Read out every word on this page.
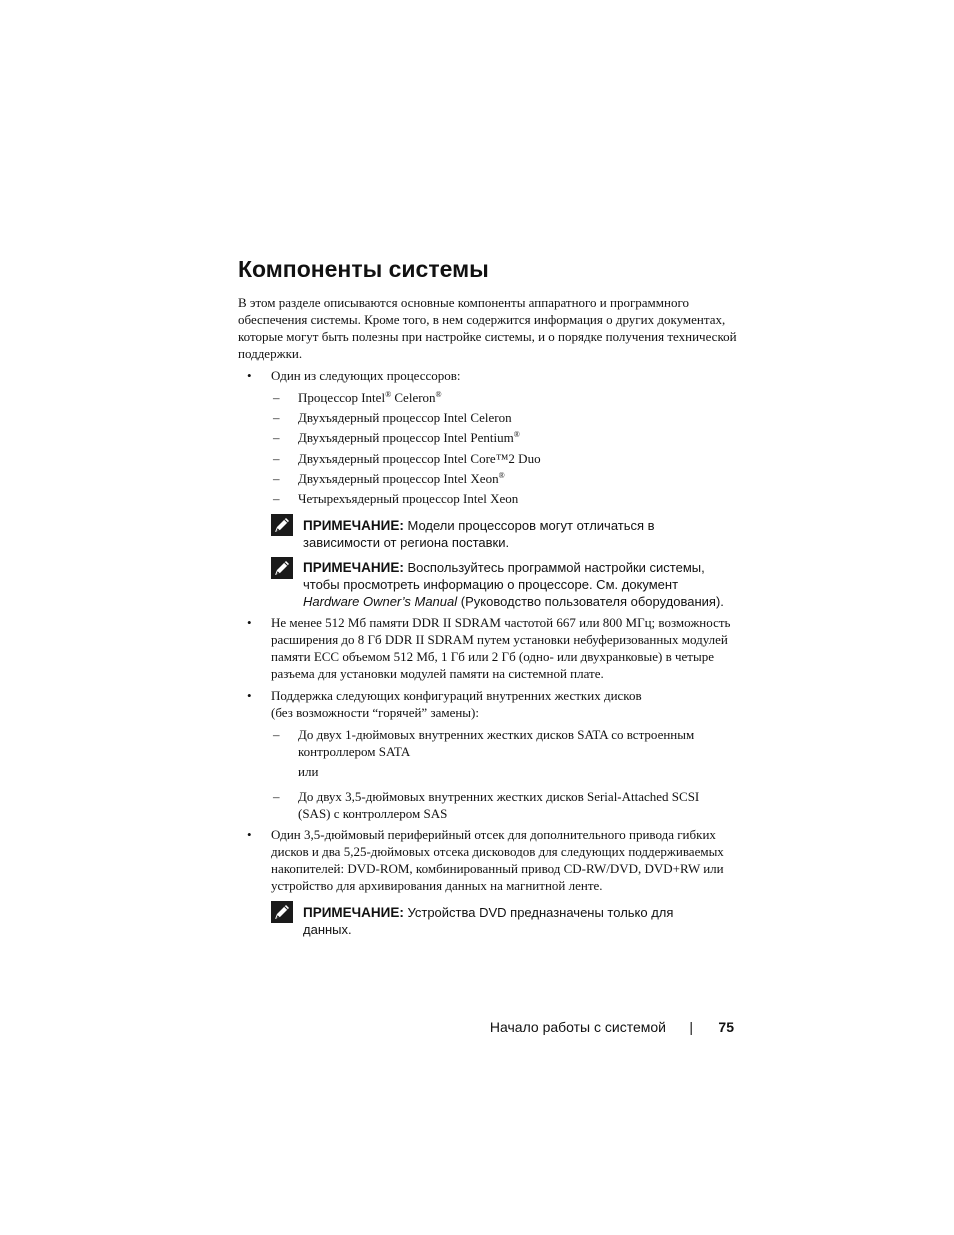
Компоненты системы

В этом разделе описываются основные компоненты аппаратного и программного обеспечения системы. Кроме того, в нем содержится информация о других документах, которые могут быть полезны при настройке системы, и о порядке получения технической поддержки.

• Один из следующих процессоров:

– Процессор Intel® Celeron®

– Двухъядерный процессор Intel Celeron

– Двухъядерный процессор Intel Pentium®

– Двухъядерный процессор Intel Core™2 Duo

– Двухъядерный процессор Intel Xeon®

– Четырехъядерный процессор Intel Xeon

ПРИМЕЧАНИЕ: Модели процессоров могут отличаться в зависимости от региона поставки.

ПРИМЕЧАНИЕ: Воспользуйтесь программой настройки системы, чтобы просмотреть информацию о процессоре. См. документ Hardware Owner’s Manual (Руководство пользователя оборудования).

• Не менее 512 Мб памяти DDR II SDRAM частотой 667 или 800 МГц; возможность расширения до 8 Гб DDR II SDRAM путем установки небуферизованных модулей памяти ECC объемом 512 Мб, 1 Гб или 2 Гб (одно- или двухранковые) в четыре разъема для установки модулей памяти на системной плате.

• Поддержка следующих конфигураций внутренних жестких дисков (без возможности “горячей” замены):

– До двух 1-дюймовых внутренних жестких дисков SATA со встроенным контроллером SATA

или

– До двух 3,5-дюймовых внутренних жестких дисков Serial-Attached SCSI (SAS) с контроллером SAS

• Один 3,5-дюймовый периферийный отсек для дополнительного привода гибких дисков и два 5,25-дюймовых отсека дисководов для следующих поддерживаемых накопителей: DVD-ROM, комбинированный привод CD-RW/DVD, DVD+RW или устройство для архивирования данных на магнитной ленте.

ПРИМЕЧАНИЕ: Устройства DVD предназначены только для данных.

Начало работы с системой | 75
